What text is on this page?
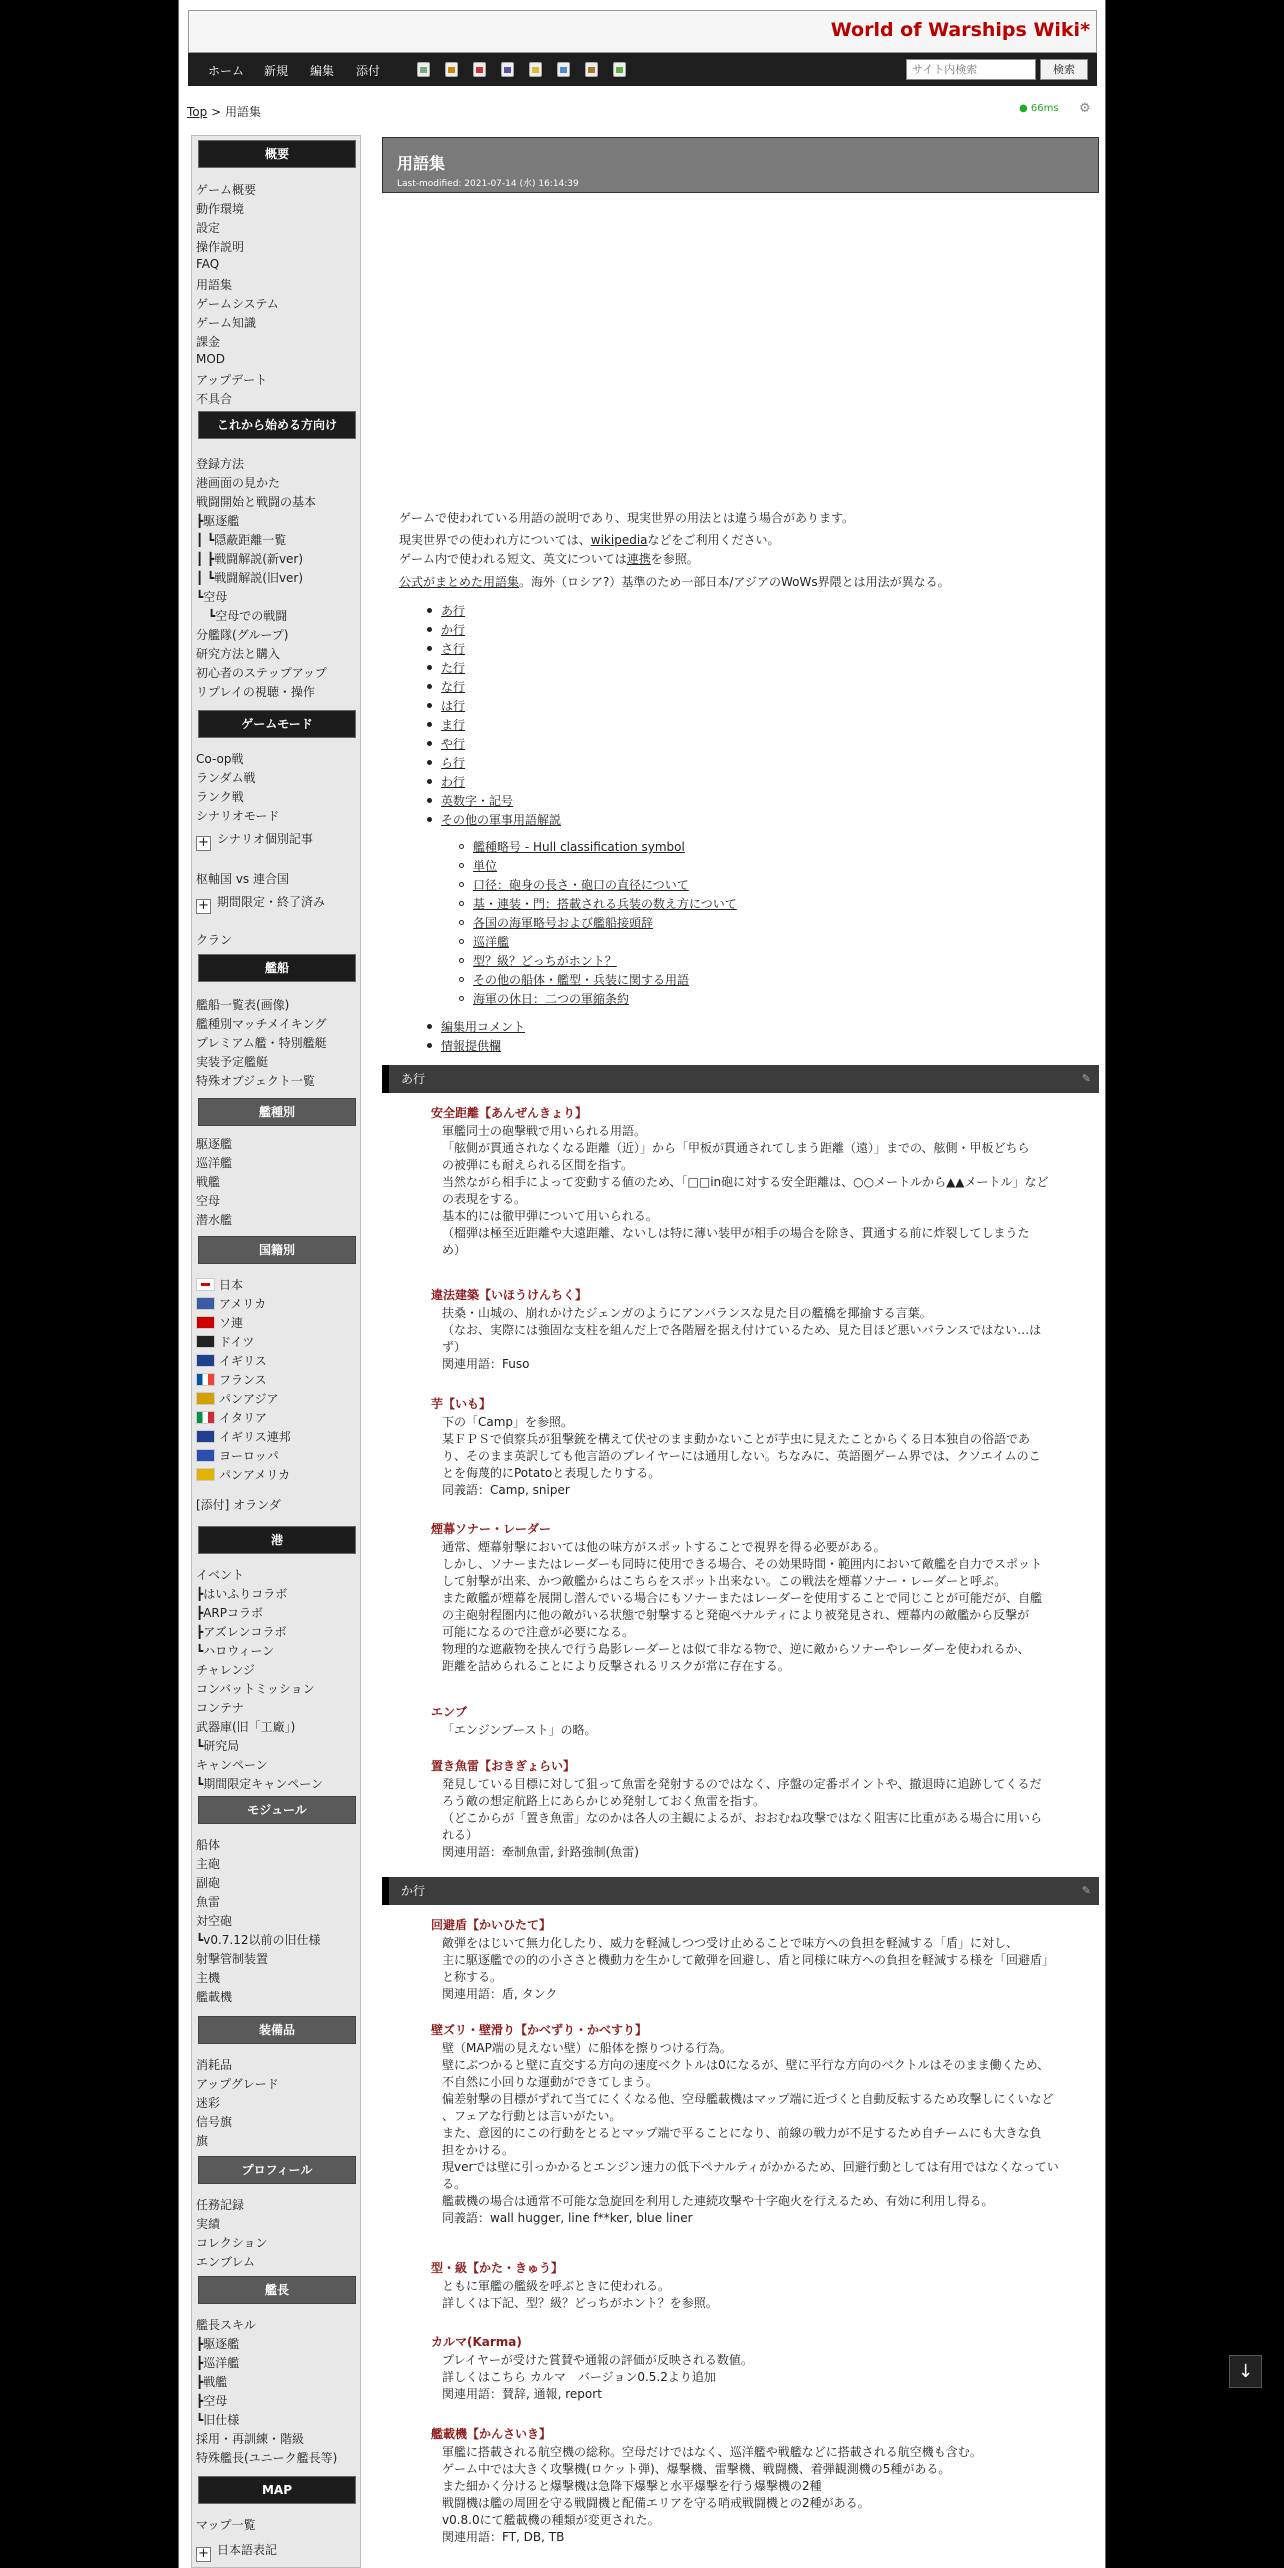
World of Warships Wiki*
ホーム 新規 編集 添付
サイト内検索	検索
Top > 用語集	● 66ms ⚙
概要
これから始める方向け
ゲームモード
艦船
艦種別
国籍別
港
モジュール
装備品
プロフィール
艦長
MAP
ゲーム概要
動作環境
設定
操作説明
FAQ
用語集
ゲームシステム
ゲーム知識
課金
MOD
アップデート
不具合
登録方法
港画面の見かた
戦闘開始と戦闘の基本
┣駆逐艦
┃ ┗隠蔽距離一覧
┃ ┣戦闘解説(新ver)
┃ ┗戦闘解説(旧ver)
┗空母
　┗空母での戦闘
分艦隊(グループ)
研究方法と購入
初心者のステップアップ
リプレイの視聴・操作
Co-op戦
ランダム戦
ランク戦
シナリオモード
艦船一覧表(画像)
艦種別マッチメイキング
プレミアム艦・特別艦艇
実装予定艦艇
特殊オブジェクト一覧
駆逐艦
巡洋艦
戦艦
空母
潜水艦
日本
アメリカ
ソ連
ドイツ
イギリス
フランス
パンアジア
イタリア
イギリス連邦
ヨーロッパ
パンアメリカ
イベント
┣はいふりコラボ
┣ARPコラボ
┣アズレンコラボ
┗ハロウィーン
チャレンジ
コンバットミッション
コンテナ
武器庫(旧「工廠」)
┗研究局
キャンペーン
┗期間限定キャンペーン
船体
主砲
副砲
魚雷
対空砲
┗v0.7.12以前の旧仕様
射撃管制装置
主機
艦載機
消耗品
アップグレード
迷彩
信号旗
旗
任務記録
実績
コレクション
エンブレム
艦長スキル
┣駆逐艦
┣巡洋艦
┣戦艦
┣空母
┗旧仕様
採用・再訓練・階級
特殊艦長(ユニーク艦長等)
マップ一覧
+ シナリオ個別記事
枢軸国 vs 連合国
+ 期間限定・終了済み
クラン
[添付] オランダ
+ 日本語表記
用語集
Last-modified: 2021-07-14 (水) 16:14:39
ゲームで使われている用語の説明であり、現実世界の用法とは違う場合があります。
現実世界での使われ方については、wikipediaなどをご利用ください。
ゲーム内で使われる短文、英文については連携を参照。
公式がまとめた用語集。海外（ロシア?）基準のため一部日本/アジアのWoWs界隈とは用法が異なる。
あ行
か行
さ行
た行
な行
は行
ま行
や行
ら行
わ行
英数字・記号
その他の軍事用語解説
艦種略号 - Hull classification symbol
単位
口径：砲身の長さ・砲口の直径について
基・連装・門：搭載される兵装の数え方について
各国の海軍略号および艦船接頭辞
巡洋艦
型？級？どっちがホント？
その他の船体・艦型・兵装に関する用語
海軍の休日：二つの軍縮条約
編集用コメント
情報提供欄
あ行	✎
安全距離【あんぜんきょり】
軍艦同士の砲撃戦で用いられる用語。
「舷側が貫通されなくなる距離（近）」から「甲板が貫通されてしまう距離（遠）」までの、舷側・甲板どちら
の被弾にも耐えられる区間を指す。
当然ながら相手によって変動する値のため、「□□in砲に対する安全距離は、○○メートルから▲▲メートル」など
の表現をする。
基本的には徹甲弾について用いられる。
（榴弾は極至近距離や大遠距離、ないしは特に薄い装甲が相手の場合を除き、貫通する前に炸裂してしまうた
め）
違法建築【いほうけんちく】
扶桑・山城の、崩れかけたジェンガのようにアンバランスな見た目の艦橋を揶揄する言葉。
（なお、実際には強固な支柱を組んだ上で各階層を据え付けているため、見た目ほど悪いバランスではない…は
ず）
関連用語：Fuso
芋【いも】
下の「Camp」を参照。
某ＦＰＳで偵察兵が狙撃銃を構えて伏せのまま動かないことが芋虫に見えたことからくる日本独自の俗語であ
り、そのまま英訳しても他言語のプレイヤーには通用しない。ちなみに、英語圏ゲーム界では、クソエイムのこ
とを侮蔑的にPotatoと表現したりする。
同義語：Camp, sniper
煙幕ソナー・レーダー
通常、煙幕射撃においては他の味方がスポットすることで視界を得る必要がある。
しかし、ソナーまたはレーダーも同時に使用できる場合、その効果時間・範囲内において敵艦を自力でスポット
して射撃が出来、かつ敵艦からはこちらをスポット出来ない。この戦法を煙幕ソナー・レーダーと呼ぶ。
また敵艦が煙幕を展開し潜んでいる場合にもソナーまたはレーダーを使用することで同じことが可能だが、自艦
の主砲射程圏内に他の敵がいる状態で射撃すると発砲ペナルティにより被発見され、煙幕内の敵艦から反撃が
可能になるので注意が必要になる。
物理的な遮蔽物を挟んで行う島影レーダーとは似て非なる物で、逆に敵からソナーやレーダーを使われるか、
距離を詰められることにより反撃されるリスクが常に存在する。
エンブ
「エンジンブースト」の略。
置き魚雷【おきぎょらい】
発見している目標に対して狙って魚雷を発射するのではなく、序盤の定番ポイントや、撤退時に追跡してくるだ
ろう敵の想定航路上にあらかじめ発射しておく魚雷を指す。
（どこからが「置き魚雷」なのかは各人の主観によるが、おおむね攻撃ではなく阻害に比重がある場合に用いら
れる）
関連用語：牽制魚雷, 針路強制(魚雷)
か行	✎
回避盾【かいひたて】
敵弾をはじいて無力化したり、威力を軽減しつつ受け止めることで味方への負担を軽減する「盾」に対し、
主に駆逐艦での的の小ささと機動力を生かして敵弾を回避し、盾と同様に味方への負担を軽減する様を「回避盾」
と称する。
関連用語：盾, タンク
壁ズリ・壁滑り【かべずり・かべすり】
壁（MAP端の見えない壁）に船体を擦りつける行為。
壁にぶつかると壁に直交する方向の速度ベクトルは0になるが、壁に平行な方向のベクトルはそのまま働くため、
不自然に小回りな運動ができてしまう。
偏差射撃の目標がずれて当てにくくなる他、空母艦載機はマップ端に近づくと自動反転するため攻撃しにくいなど
、フェアな行動とは言いがたい。
また、意図的にこの行動をとるとマップ端で平ることになり、前線の戦力が不足するため自チームにも大きな負
担をかける。
現verでは壁に引っかかるとエンジン速力の低下ペナルティがかかるため、回避行動としては有用ではなくなってい
る。
艦載機の場合は通常不可能な急旋回を利用した連続攻撃や十字砲火を行えるため、有効に利用し得る。
同義語：wall hugger, line f**ker, blue liner
型・級【かた・きゅう】
ともに軍艦の艦級を呼ぶときに使われる。
詳しくは下記、型？級？どっちがホント？を参照。
カルマ(Karma)
プレイヤーが受けた賞賛や通報の評価が反映される数値。
詳しくはこちら カルマ　バージョン0.5.2より追加
関連用語：賛辞, 通報, report
艦載機【かんさいき】
軍艦に搭載される航空機の総称。空母だけではなく、巡洋艦や戦艦などに搭載される航空機も含む。
ゲーム中では大きく攻撃機(ロケット弾)、爆撃機、雷撃機、戦闘機、着弾観測機の5種がある。
また細かく分けると爆撃機は急降下爆撃と水平爆撃を行う爆撃機の2種
戦闘機は艦の周囲を守る戦闘機と配備エリアを守る哨戒戦闘機との2種がある。
v0.8.0にて艦載機の種類が変更された。
関連用語：FT, DB, TB
↓
